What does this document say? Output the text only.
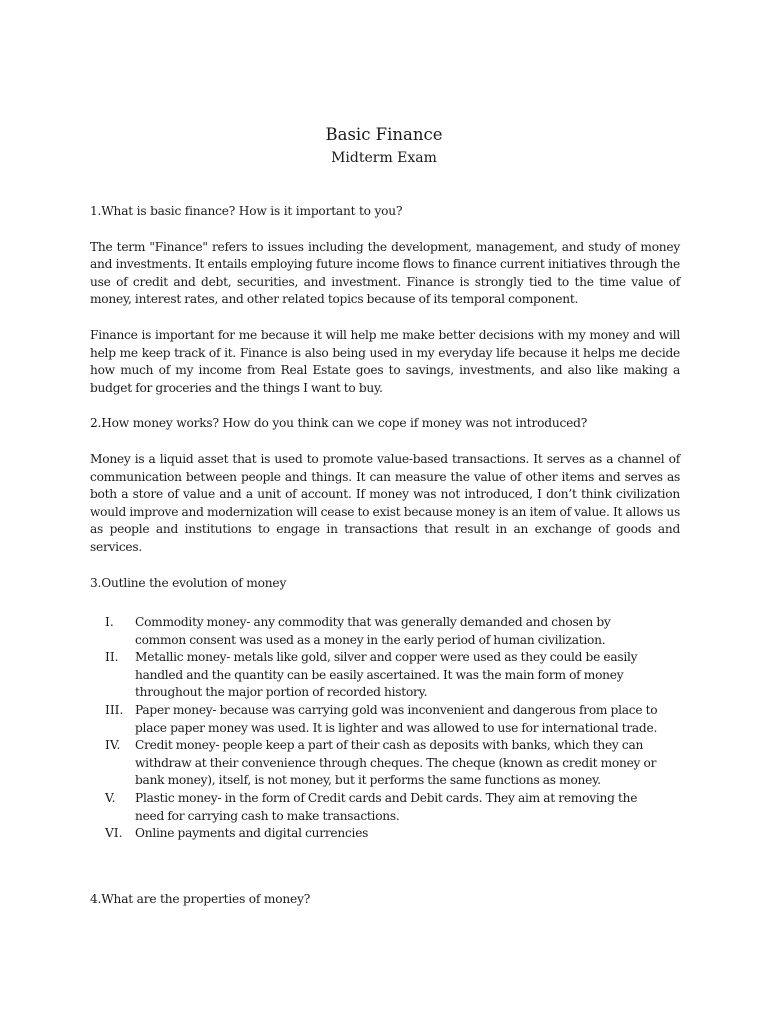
Basic Finance
Midterm Exam

1.What is basic finance? How is it important to you?

The term "Finance" refers to issues including the development, management, and study of money and investments. It entails employing future income flows to finance current initiatives through the use of credit and debt, securities, and investment. Finance is strongly tied to the time value of money, interest rates, and other related topics because of its temporal component.

Finance is important for me because it will help me make better decisions with my money and will help me keep track of it. Finance is also being used in my everyday life because it helps me decide how much of my income from Real Estate goes to savings, investments, and also like making a budget for groceries and the things I want to buy.

2.How money works? How do you think can we cope if money was not introduced?

Money is a liquid asset that is used to promote value-based transactions. It serves as a channel of communication between people and things. It can measure the value of other items and serves as both a store of value and a unit of account. If money was not introduced, I don’t think civilization would improve and modernization will cease to exist because money is an item of value. It allows us as people and institutions to engage in transactions that result in an exchange of goods and services.

3.Outline the evolution of money

I.	Commodity money- any commodity that was generally demanded and chosen by common consent was used as a money in the early period of human civilization.
II.	Metallic money- metals like gold, silver and copper were used as they could be easily handled and the quantity can be easily ascertained. It was the main form of money throughout the major portion of recorded history.
III. Paper money- because was carrying gold was inconvenient and dangerous from place to place paper money was used. It is lighter and was allowed to use for international trade.
IV.	Credit money- people keep a part of their cash as deposits with banks, which they can withdraw at their convenience through cheques. The cheque (known as credit money or bank money), itself, is not money, but it performs the same functions as money.
V.	Plastic money- in the form of Credit cards and Debit cards. They aim at removing the need for carrying cash to make transactions.
VI.	Online payments and digital currencies

4.What are the properties of money?
